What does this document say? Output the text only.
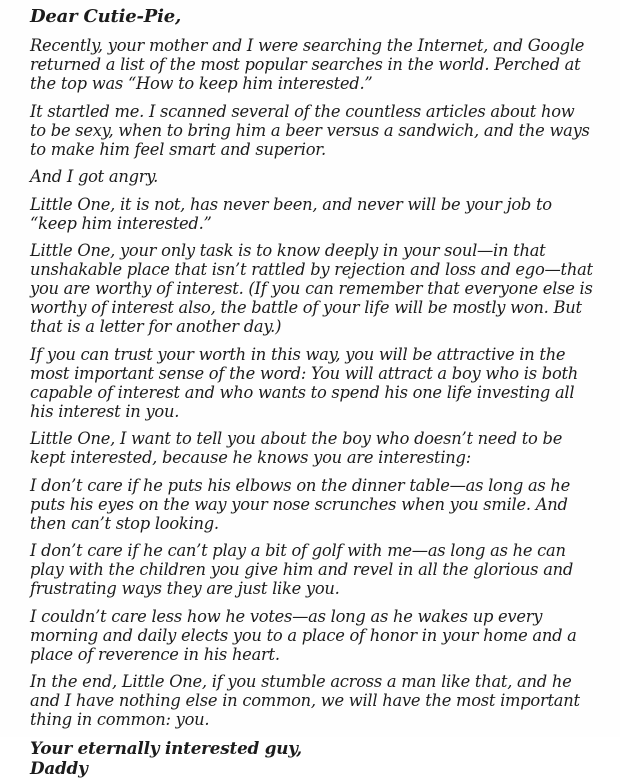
Dear Cutie-Pie,

Recently, your mother and I were searching the Internet, and Google returned a list of the most popular searches in the world. Perched at the top was “How to keep him interested.”

It startled me. I scanned several of the countless articles about how to be sexy, when to bring him a beer versus a sandwich, and the ways to make him feel smart and superior.

And I got angry.

Little One, it is not, has never been, and never will be your job to “keep him interested.”

Little One, your only task is to know deeply in your soul—in that unshakable place that isn’t rattled by rejection and loss and ego—that you are worthy of interest. (If you can remember that everyone else is worthy of interest also, the battle of your life will be mostly won. But that is a letter for another day.)

If you can trust your worth in this way, you will be attractive in the most important sense of the word: You will attract a boy who is both capable of interest and who wants to spend his one life investing all his interest in you.

Little One, I want to tell you about the boy who doesn’t need to be kept interested, because he knows you are interesting:

I don’t care if he puts his elbows on the dinner table—as long as he puts his eyes on the way your nose scrunches when you smile. And then can’t stop looking.

I don’t care if he can’t play a bit of golf with me—as long as he can play with the children you give him and revel in all the glorious and frustrating ways they are just like you.

I couldn’t care less how he votes—as long as he wakes up every morning and daily elects you to a place of honor in your home and a place of reverence in his heart.

In the end, Little One, if you stumble across a man like that, and he and I have nothing else in common, we will have the most important thing in common: you.

Your eternally interested guy,
Daddy
